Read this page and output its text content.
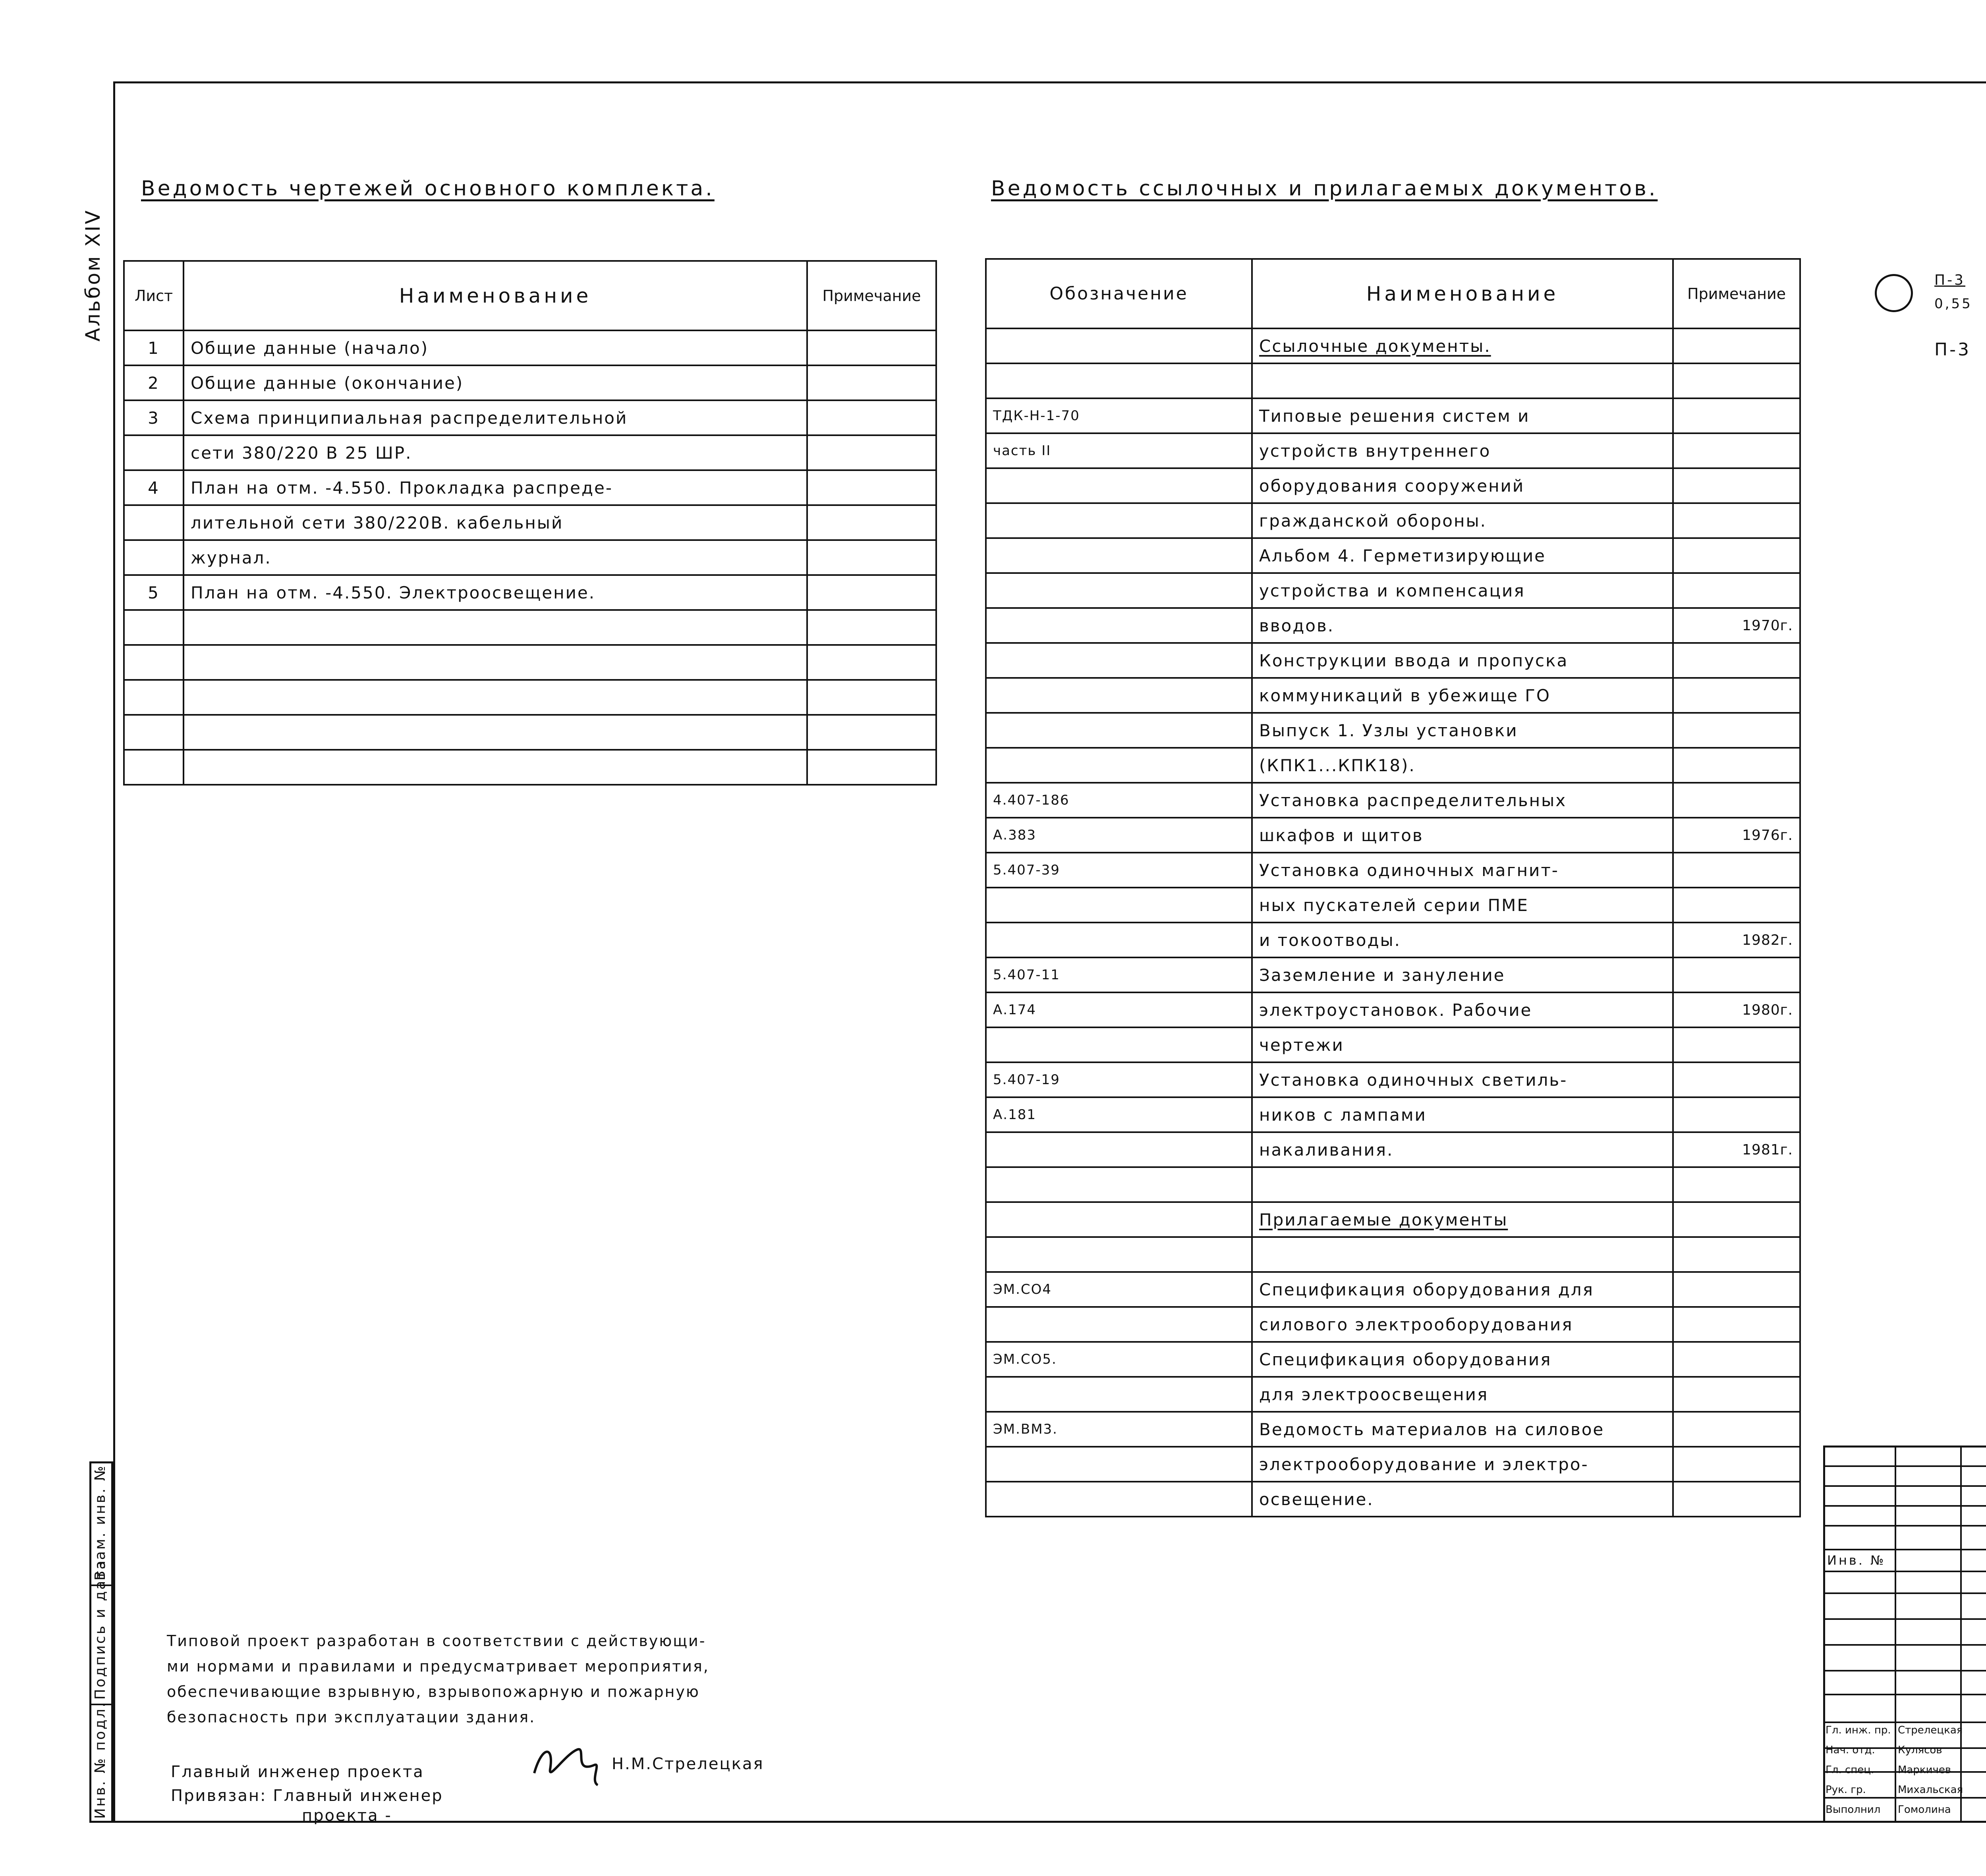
Альбом XIV
Инв. № подл.
Подпись и дата
Взам. инв. №
Ведомость чертежей основного комплекта.
Лист	Наименование	Примечание
1	Общие данные (начало)	
2	Общие данные (окончание)	
3	Схема принципиальная распределительной	
	сети 380/220 В 25 ШР.	
4	План на отм. -4.550. Прокладка распреде-	
	лительной сети 380/220В. кабельный	
	журнал.	
5	План на отм. -4.550. Электроосвещение.	

Ведомость ссылочных и прилагаемых документов.
Обозначение	Наименование	Примечание
	Ссылочные документы.	

ТДК-Н-1-70	Типовые решения систем и	
часть II	устройств внутреннего	
	оборудования сооружений	
	гражданской обороны.	
	Альбом 4. Герметизирующие	
	устройства и компенсация	
	вводов.	1970г.
	Конструкции ввода и пропуска	
	коммуникаций в убежище ГО	
	Выпуск 1. Узлы установки	
	(КПК1...КПК18).	
4.407-186	Установка распределительных	
А.383	шкафов и щитов	1976г.
5.407-39	Установка одиночных магнит-	
	ных пускателей серии ПМЕ	
	и токоотводы.	1982г.
5.407-11	Заземление и зануление	
А.174	электроустановок. Рабочие	1980г.
	чертежи	
5.407-19	Установка одиночных светиль-	
А.181	ников с лампами	
	накаливания.	1981г.

	Прилагаемые документы	

ЭМ.СО4	Спецификация оборудования для	
	силового электрооборудования	
ЭМ.СО5.	Спецификация оборудования	
	для электроосвещения	
ЭМ.ВМ3.	Ведомость материалов на силовое	
	электрооборудование и электро-	
	освещение.	
П-3
0,55
П-3
Типовой проект разработан в соответствии с действующи-
ми нормами и правилами и предусматривает мероприятия,
обеспечивающие взрывную, взрывопожарную и пожарную
безопасность при эксплуатации здания.
Главный инженер проекта	Н.М.Стрелецкая
Привязан: Главный инженер
проекта -
Инв. №
Гл. инж. пр. Стрелецкая
Нач. отд. Кулясов
Гл. спец. Маркичев
Рук. гр.	Михальская
Выполнил Гомолина
